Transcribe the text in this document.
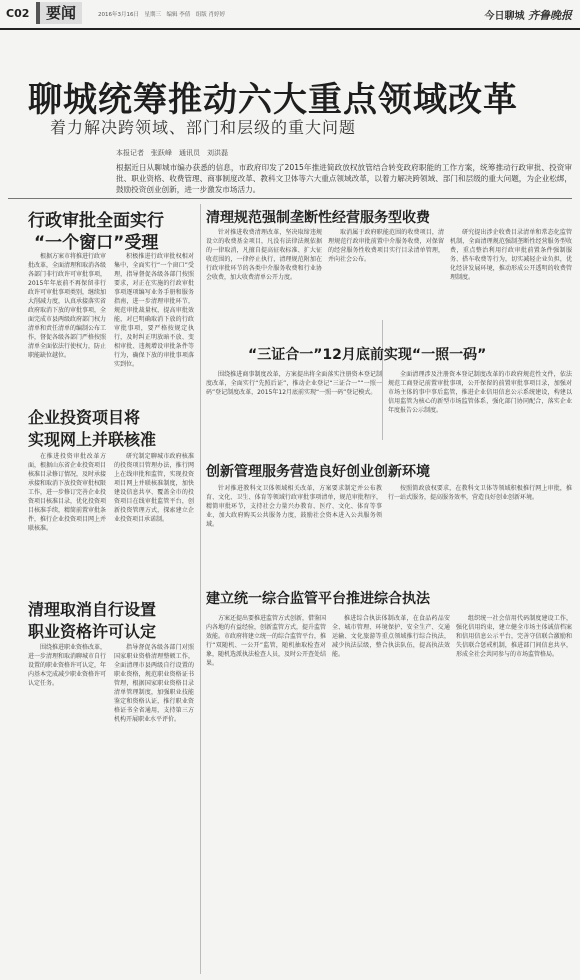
C02	要闻	2016年3月16日　星期三　编辑 李倩　组版 肖婷婷	今日聊城 齐鲁晚报
聊城统筹推动六大重点领域改革
着力解决跨领域、部门和层级的重大问题
本报记者　张跃峰　通讯员　刘洪磊
根据近日从聊城市编办获悉的信息，市政府印发了2015年推进简政放权放管结合转变政府职能的工作方案，统筹推动行政审批、投资审批、职业资格、收费管理、商事制度改革、教科文卫体等六大重点领域改革，以着力解决跨领域、部门和层级的重大问题，为企业松绑，鼓励投资创业创新，进一步激发市场活力。
行政审批全面实行
“一个窗口”受理

根据方案市将推进行政审批改革，全面清理和取消各级各部门非行政许可审批事项，2015年年底前不再保留非行政许可审批事项类别，继续加大削减力度，认真承接落实省政府取消下放的审批事项，全面完成市县两级政府部门权力清单和责任清单的编制公布工作，督促各级各部门严格按照清单全面依法行使权力，防止职能缺位越位。

积极推进行政审批权相对集中，全面实行“一个窗口”受理，指导督促各级各部门按照要求，对正在实施的行政审批事项逐项编写业务手册和服务指南，进一步清理审批环节，规范审批裁量权，提高审批效能，对已明确取消下放的行政审批事项，要严格按规定执行，及时纠正明放暗不放、变相审批、违规增设审批条件等行为，确保下放的审批事项落实到位。

企业投资项目将
实现网上并联核准

在推进投资审批改革方面，根据山东省企业投资项目核准目录修订情况，及时承接承接和取消下放投资审批权限工作，进一步修订完善企业投资项目核准目录，优化投资项目核准手续，精简前置审批条件，推行企业投资项目网上并联核准。

研究制定聊城市政府核准的投资项目管理办法，推行网上在线审批和监管，实现投资项目网上并联核准制度，加快建设信息共享、覆盖全市的投资项目在线审批监管平台，创新投资管理方式，探索建立企业投资项目承诺制。

清理取消自行设置
职业资格许可认定

围绕推进职业资格改革，进一步清理和取消聊城市自行设置的职业资格许可认定，年内基本完成减少职业资格许可认定任务。

指导督促各级各部门对照国家职业资格清理整顿工作，全面清理市县两级自行设置的职业资格，规范职业资格证书管理，根据国家职业资格目录清单管理制度，加强职业技能鉴定和资格认证，推行职业资格证书全省通用，支持第三方机构开展职业水平评价。

清理规范强制垄断性经营服务型收费

针对推进收费清理改革，坚决取缔违规设立的收费基金项目，凡没有法律法规依据的一律取消，凡擅自提高征收标准、扩大征收范围的，一律停止执行，清理规范附加在行政审批环节的各类中介服务收费和行业协会收费，加大收费清单公开力度。

取消属于政府职能范围的收费项目，清理规范行政审批前置中介服务收费，对保留的经营服务性收费项目实行目录清单管理，并向社会公布。

研究提出涉企收费目录清单和常态化监管机制，全面清理规范强制垄断性经营服务型收费，重点整治利用行政审批前置条件强制服务、搭车收费等行为，切实减轻企业负担，优化经济发展环境，推动形成公开透明的收费管理制度。

“三证合一”12月底前实现“一照一码”

围绕推进商事制度改革，方案提出将全面落实注册资本登记制度改革，全面实行“先照后证”，推动企业登记“三证合一”“一照一码”登记制度改革，2015年12月底前实现“一照一码”登记模式。

全面清理涉及注册资本登记制度改革的市政府规范性文件，依法规范工商登记前置审批事项，公开保留的前置审批事项目录，加强对市场主体的事中事后监管，推进企业信用信息公示系统建设，构建以信用监管为核心的新型市场监管体系，强化部门协同配合，落实企业年度报告公示制度。

创新管理服务营造良好创业创新环境

针对推进教科文卫体领域相关改革，方案要求制定并公布教育、文化、卫生、体育等领域行政审批事项清单，规范审批程序，精简审批环节，支持社会力量兴办教育、医疗、文化、体育等事业，加大政府购买公共服务力度，鼓励社会资本进入公共服务领域。

按照简政放权要求，在教科文卫体等领域积极推行网上审批，推行一站式服务，提高服务效率，营造良好创业创新环境。

建立统一综合监管平台推进综合执法

方案还提出要推进监管方式创新，借鉴国内各地的有益经验，创新监管方式，提升监管效能。市政府将建立统一的综合监管平台，推行“双随机、一公开”监管，随机抽取检查对象，随机选派执法检查人员，及时公开查处结果。

推进综合执法体制改革，在食品药品安全、城市管理、环境保护、安全生产、交通运输、文化旅游等重点领域推行综合执法，减少执法层级，整合执法队伍，提高执法效能。

组织统一社会信用代码制度建设工作，强化信用约束，建立健全市场主体诚信档案和信用信息公示平台，完善守信联合激励和失信联合惩戒机制，推进部门间信息共享，形成全社会共同参与的市场监管格局。
